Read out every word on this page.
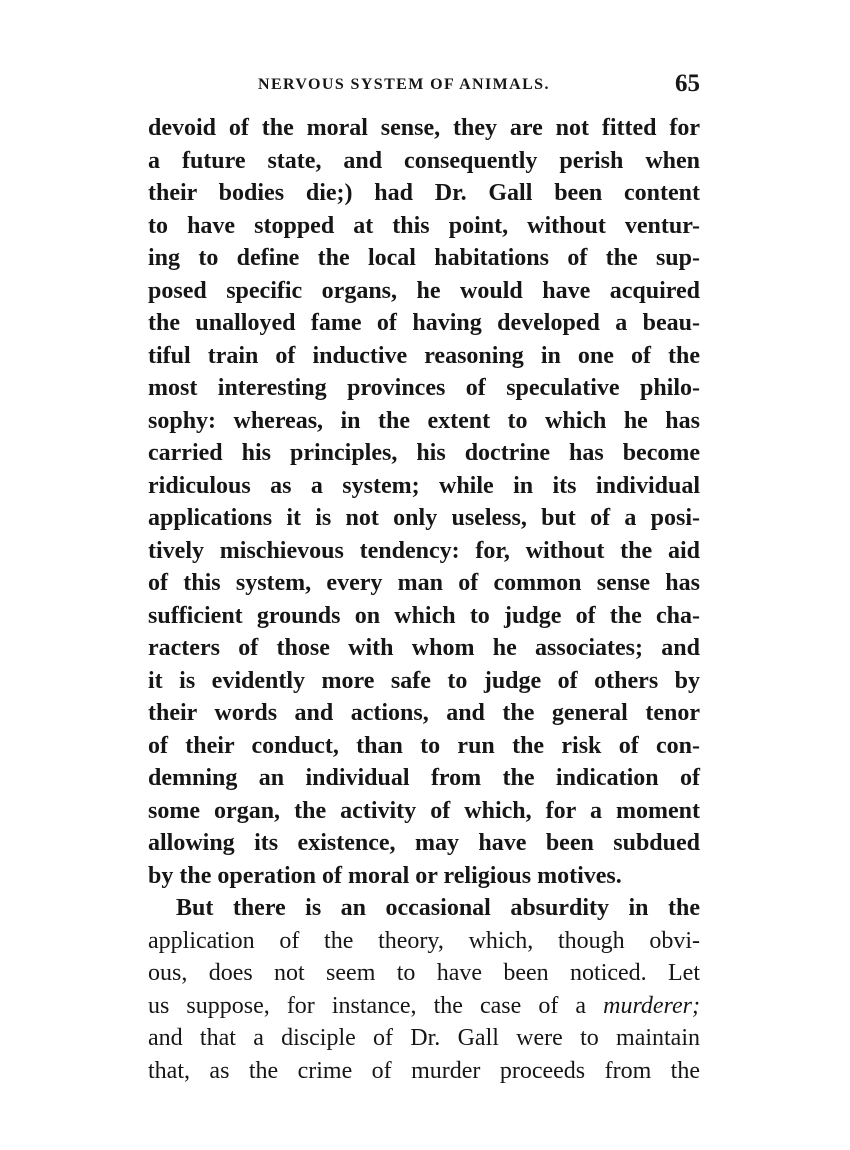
NERVOUS SYSTEM OF ANIMALS.	65
devoid of the moral sense, they are not fitted for
a future state, and consequently perish when
their bodies die;) had Dr. Gall been content
to have stopped at this point, without ventur-
ing to define the local habitations of the sup-
posed specific organs, he would have acquired
the unalloyed fame of having developed a beau-
tiful train of inductive reasoning in one of the
most interesting provinces of speculative philo-
sophy: whereas, in the extent to which he has
carried his principles, his doctrine has become
ridiculous as a system; while in its individual
applications it is not only useless, but of a posi-
tively mischievous tendency: for, without the aid
of this system, every man of common sense has
sufficient grounds on which to judge of the cha-
racters of those with whom he associates; and
it is evidently more safe to judge of others by
their words and actions, and the general tenor
of their conduct, than to run the risk of con-
demning an individual from the indication of
some organ, the activity of which, for a moment
allowing its existence, may have been subdued
by the operation of moral or religious motives.
But there is an occasional absurdity in the
application of the theory, which, though obvi-
ous, does not seem to have been noticed. Let
us suppose, for instance, the case of a murderer;
and that a disciple of Dr. Gall were to maintain
that, as the crime of murder proceeds from the
